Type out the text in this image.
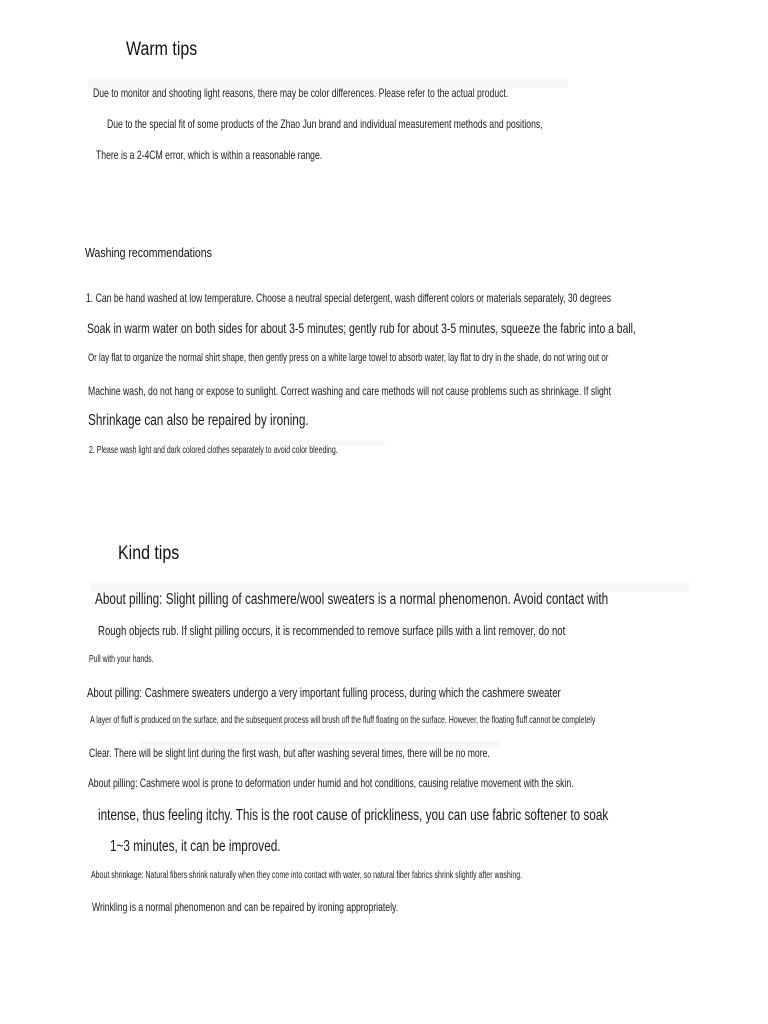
Warm tips
Due to monitor and shooting light reasons, there may be color differences. Please refer to the actual product.
Due to the special fit of some products of the Zhao Jun brand and individual measurement methods and positions,
There is a 2-4CM error, which is within a reasonable range.
Washing recommendations
1. Can be hand washed at low temperature. Choose a neutral special detergent, wash different colors or materials separately, 30 degrees
Soak in warm water on both sides for about 3-5 minutes; gently rub for about 3-5 minutes, squeeze the fabric into a ball,
Or lay flat to organize the normal shirt shape, then gently press on a white large towel to absorb water, lay flat to dry in the shade, do not wring out or
Machine wash, do not hang or expose to sunlight. Correct washing and care methods will not cause problems such as shrinkage. If slight
Shrinkage can also be repaired by ironing.
2. Please wash light and dark colored clothes separately to avoid color bleeding.
Kind tips
About pilling: Slight pilling of cashmere/wool sweaters is a normal phenomenon. Avoid contact with
Rough objects rub. If slight pilling occurs, it is recommended to remove surface pills with a lint remover, do not
Pull with your hands.
About pilling: Cashmere sweaters undergo a very important fulling process, during which the cashmere sweater
A layer of fluff is produced on the surface, and the subsequent process will brush off the fluff floating on the surface. However, the floating fluff cannot be completely
Clear. There will be slight lint during the first wash, but after washing several times, there will be no more.
About pilling: Cashmere wool is prone to deformation under humid and hot conditions, causing relative movement with the skin.
intense, thus feeling itchy. This is the root cause of prickliness, you can use fabric softener to soak
1~3 minutes, it can be improved.
About shrinkage: Natural fibers shrink naturally when they come into contact with water, so natural fiber fabrics shrink slightly after washing.
Wrinkling is a normal phenomenon and can be repaired by ironing appropriately.
